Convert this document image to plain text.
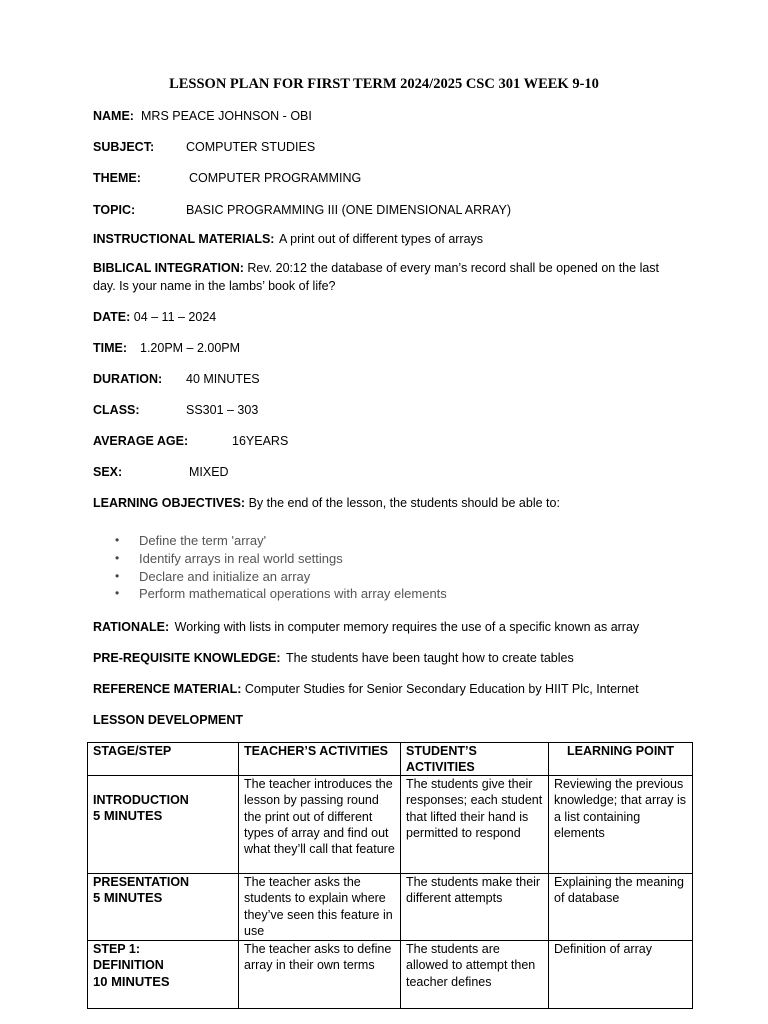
LESSON PLAN FOR FIRST TERM 2024/2025 CSC 301 WEEK 9-10
NAME: MRS PEACE JOHNSON - OBI
SUBJECT:	COMPUTER STUDIES
THEME:	COMPUTER PROGRAMMING
TOPIC:	BASIC PROGRAMMING III (ONE DIMENSIONAL ARRAY)
INSTRUCTIONAL MATERIALS: A print out of different types of arrays
BIBLICAL INTEGRATION: Rev. 20:12 the database of every man’s record shall be opened on the last
day. Is your name in the lambs’ book of life?
DATE: 04 – 11 – 2024
TIME: 1.20PM – 2.00PM
DURATION: 40 MINUTES
CLASS:	SS301 – 303
AVERAGE AGE:	16YEARS
SEX:	MIXED
LEARNING OBJECTIVES: By the end of the lesson, the students should be able to:
• Define the term 'array'
• Identify arrays in real world settings
• Declare and initialize an array
• Perform mathematical operations with array elements
RATIONALE: Working with lists in computer memory requires the use of a specific known as array
PRE-REQUISITE KNOWLEDGE: The students have been taught how to create tables
REFERENCE MATERIAL: Computer Studies for Senior Secondary Education by HIIT Plc, Internet
LESSON DEVELOPMENT
STAGE/STEP	TEACHER’S ACTIVITIES	STUDENT’S ACTIVITIES	LEARNING POINT

INTRODUCTION
5 MINUTES	The teacher introduces the lesson by passing round the print out of different types of array and find out what they’ll call that feature	The students give their responses; each student that lifted their hand is permitted to respond	Reviewing the previous knowledge; that array is a list containing elements

PRESENTATION
5 MINUTES	The teacher asks the students to explain where they’ve seen this feature in use	The students make their different attempts	Explaining the meaning of database

STEP 1:
DEFINITION
10 MINUTES	The teacher asks to define array in their own terms	The students are allowed to attempt then teacher defines	Definition of array
